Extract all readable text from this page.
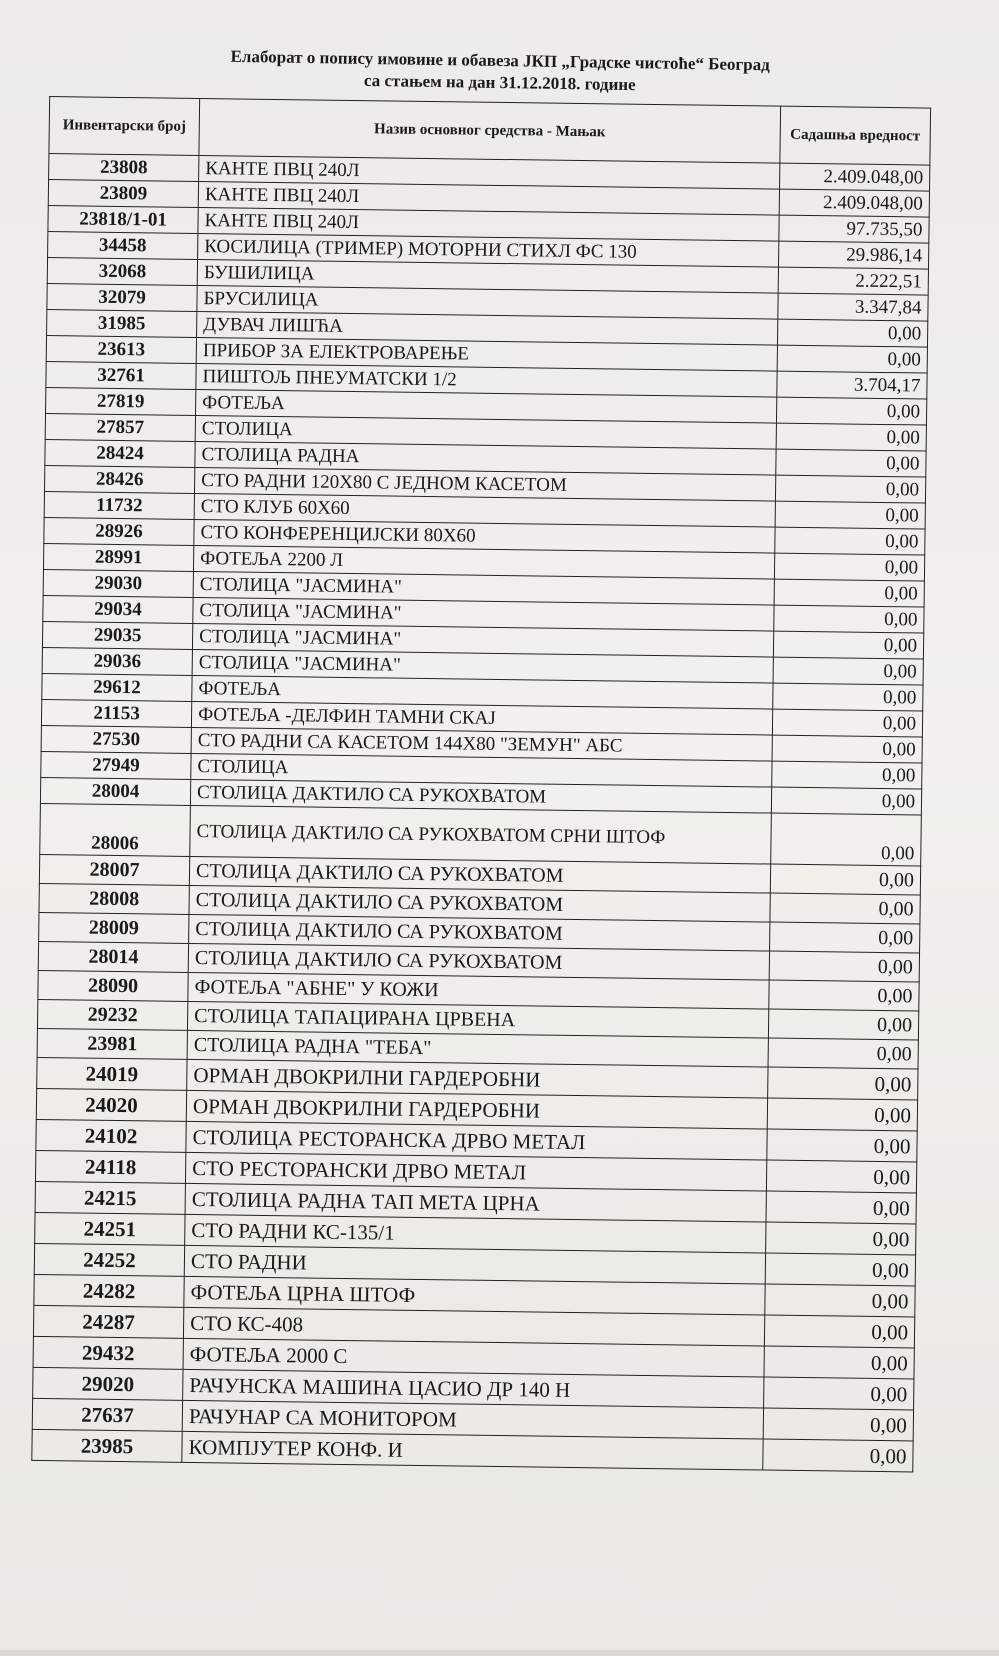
Елаборат о попису имовине и обавеза ЈКП „Градске чистоће“ Београд
са стањем на дан 31.12.2018. године
Инвентарски број	Назив основног средства - Мањак	Садашња вредност
23808	КАНТЕ ПВЦ 240Л	2.409.048,00
23809	КАНТЕ ПВЦ 240Л	2.409.048,00
23818/1-01	КАНТЕ ПВЦ 240Л	97.735,50
34458	КОСИЛИЦА (ТРИМЕР) МОТОРНИ СТИХЛ ФС 130	29.986,14
32068	БУШИЛИЦА	2.222,51
32079	БРУСИЛИЦА	3.347,84
31985	ДУВАЧ ЛИШЋА	0,00
23613	ПРИБОР ЗА ЕЛЕКТРОВАРЕЊЕ	0,00
32761	ПИШТОЉ ПНЕУМАТСКИ 1/2	3.704,17
27819	ФОТЕЉА	0,00
27857	СТОЛИЦА	0,00
28424	СТОЛИЦА РАДНА	0,00
28426	СТО РАДНИ 120Х80 С ЈЕДНОМ КАСЕТОМ	0,00
11732	СТО КЛУБ 60Х60	0,00
28926	СТО КОНФЕРЕНЦИЈСКИ 80Х60	0,00
28991	ФОТЕЉА 2200 Л	0,00
29030	СТОЛИЦА "ЈАСМИНА"	0,00
29034	СТОЛИЦА "ЈАСМИНА"	0,00
29035	СТОЛИЦА "ЈАСМИНА"	0,00
29036	СТОЛИЦА "ЈАСМИНА"	0,00
29612	ФОТЕЉА	0,00
21153	ФОТЕЉА -ДЕЛФИН ТАМНИ СКАЈ	0,00
27530	СТО РАДНИ СА КАСЕТОМ 144Х80 "ЗЕМУН" АБС	0,00
27949	СТОЛИЦА	0,00
28004	СТОЛИЦА ДАКТИЛО СА РУКОХВАТОМ	0,00
28006	СТОЛИЦА ДАКТИЛО СА РУКОХВАТОМ СРНИ ШТОФ	0,00
28007	СТОЛИЦА ДАКТИЛО СА РУКОХВАТОМ	0,00
28008	СТОЛИЦА ДАКТИЛО СА РУКОХВАТОМ	0,00
28009	СТОЛИЦА ДАКТИЛО СА РУКОХВАТОМ	0,00
28014	СТОЛИЦА ДАКТИЛО СА РУКОХВАТОМ	0,00
28090	ФОТЕЉА "АБНЕ" У КОЖИ	0,00
29232	СТОЛИЦА ТАПАЦИРАНА ЦРВЕНА	0,00
23981	СТОЛИЦА РАДНА "ТЕБА"	0,00
24019	ОРМАН ДВОКРИЛНИ ГАРДЕРОБНИ	0,00
24020	ОРМАН ДВОКРИЛНИ ГАРДЕРОБНИ	0,00
24102	СТОЛИЦА РЕСТОРАНСКА ДРВО МЕТАЛ	0,00
24118	СТО РЕСТОРАНСКИ ДРВО МЕТАЛ	0,00
24215	СТОЛИЦА РАДНА ТАП МЕТА ЦРНА	0,00
24251	СТО РАДНИ КС-135/1	0,00
24252	СТО РАДНИ	0,00
24282	ФОТЕЉА ЦРНА ШТОФ	0,00
24287	СТО КС-408	0,00
29432	ФОТЕЉА 2000 С	0,00
29020	РАЧУНСКА МАШИНА ЦАСИО ДР 140 Н	0,00
27637	РАЧУНАР СА МОНИТОРОМ	0,00
23985	КОМПЈУТЕР КОНФ. И	0,00
